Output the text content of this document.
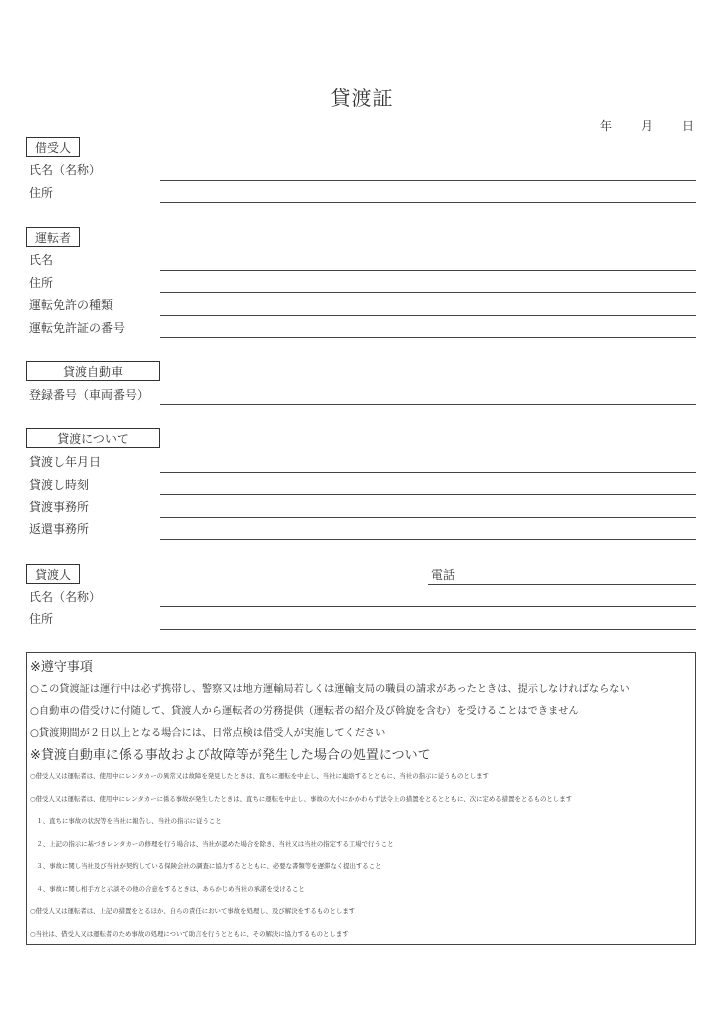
貸渡証
年 月 日
借受人
氏名（名称）
住所
運転者
氏名
住所
運転免許の種類
運転免許証の番号
貸渡自動車
登録番号（車両番号）
貸渡について
貸渡し年月日
貸渡し時刻
貸渡事務所
返還事務所
貸渡人	電話
氏名（名称）
住所
※遵守事項
○この貸渡証は運行中は必ず携帯し、警察又は地方運輸局若しくは運輸支局の職員の請求があったときは、提示しなければならない
○自動車の借受けに付随して、貸渡人から運転者の労務提供（運転者の紹介及び斡旋を含む）を受けることはできません
○貸渡期間が２日以上となる場合には、日常点検は借受人が実施してください
※貸渡自動車に係る事故および故障等が発生した場合の処置について
○借受人又は運転者は、使用中にレンタカーの異常又は故障を発見したときは、直ちに運転を中止し、当社に連絡するとともに、当社の指示に従うものとします
○借受人又は運転者は、使用中にレンタカーに係る事故が発生したときは、直ちに運転を中止し、事故の大小にかかわらず法令上の措置をとるとともに、次に定める措置をとるものとします
　１、直ちに事故の状況等を当社に報告し、当社の指示に従うこと
　２、上記の指示に基づきレンタカーの修理を行う場合は、当社が認めた場合を除き、当社又は当社の指定する工場で行うこと
　３、事故に関し当社及び当社が契約している保険会社の調査に協力するとともに、必要な書類等を遅滞なく提出すること
　４、事故に関し相手方と示談その他の合意をするときは、あらかじめ当社の承諾を受けること
○借受人又は運転者は、上記の措置をとるほか、自らの責任において事故を処理し、及び解決をするものとします
○当社は、借受人又は運転者のため事故の処理について助言を行うとともに、その解決に協力するものとします
